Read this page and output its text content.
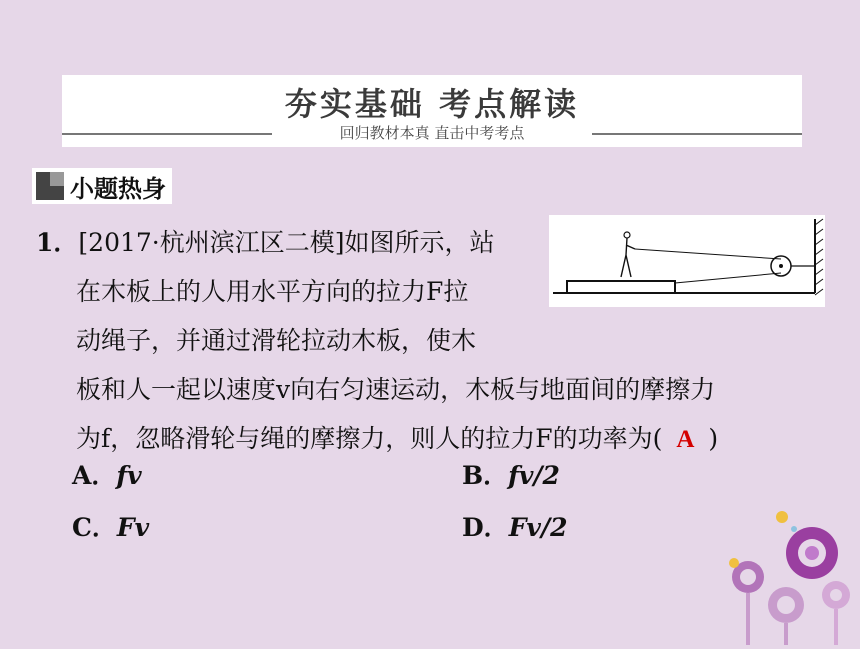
夯实基础 考点解读
回归教材本真 直击中考考点
小题热身
1．[2017·杭州滨江区二模]如图所示，站
在木板上的人用水平方向的拉力F拉
动绳子，并通过滑轮拉动木板，使木
板和人一起以速度v向右匀速运动，木板与地面间的摩擦力
为f，忽略滑轮与绳的摩擦力，则人的拉力F的功率为( A )
A．fv	B．fv/2
C．Fv	D．Fv/2
